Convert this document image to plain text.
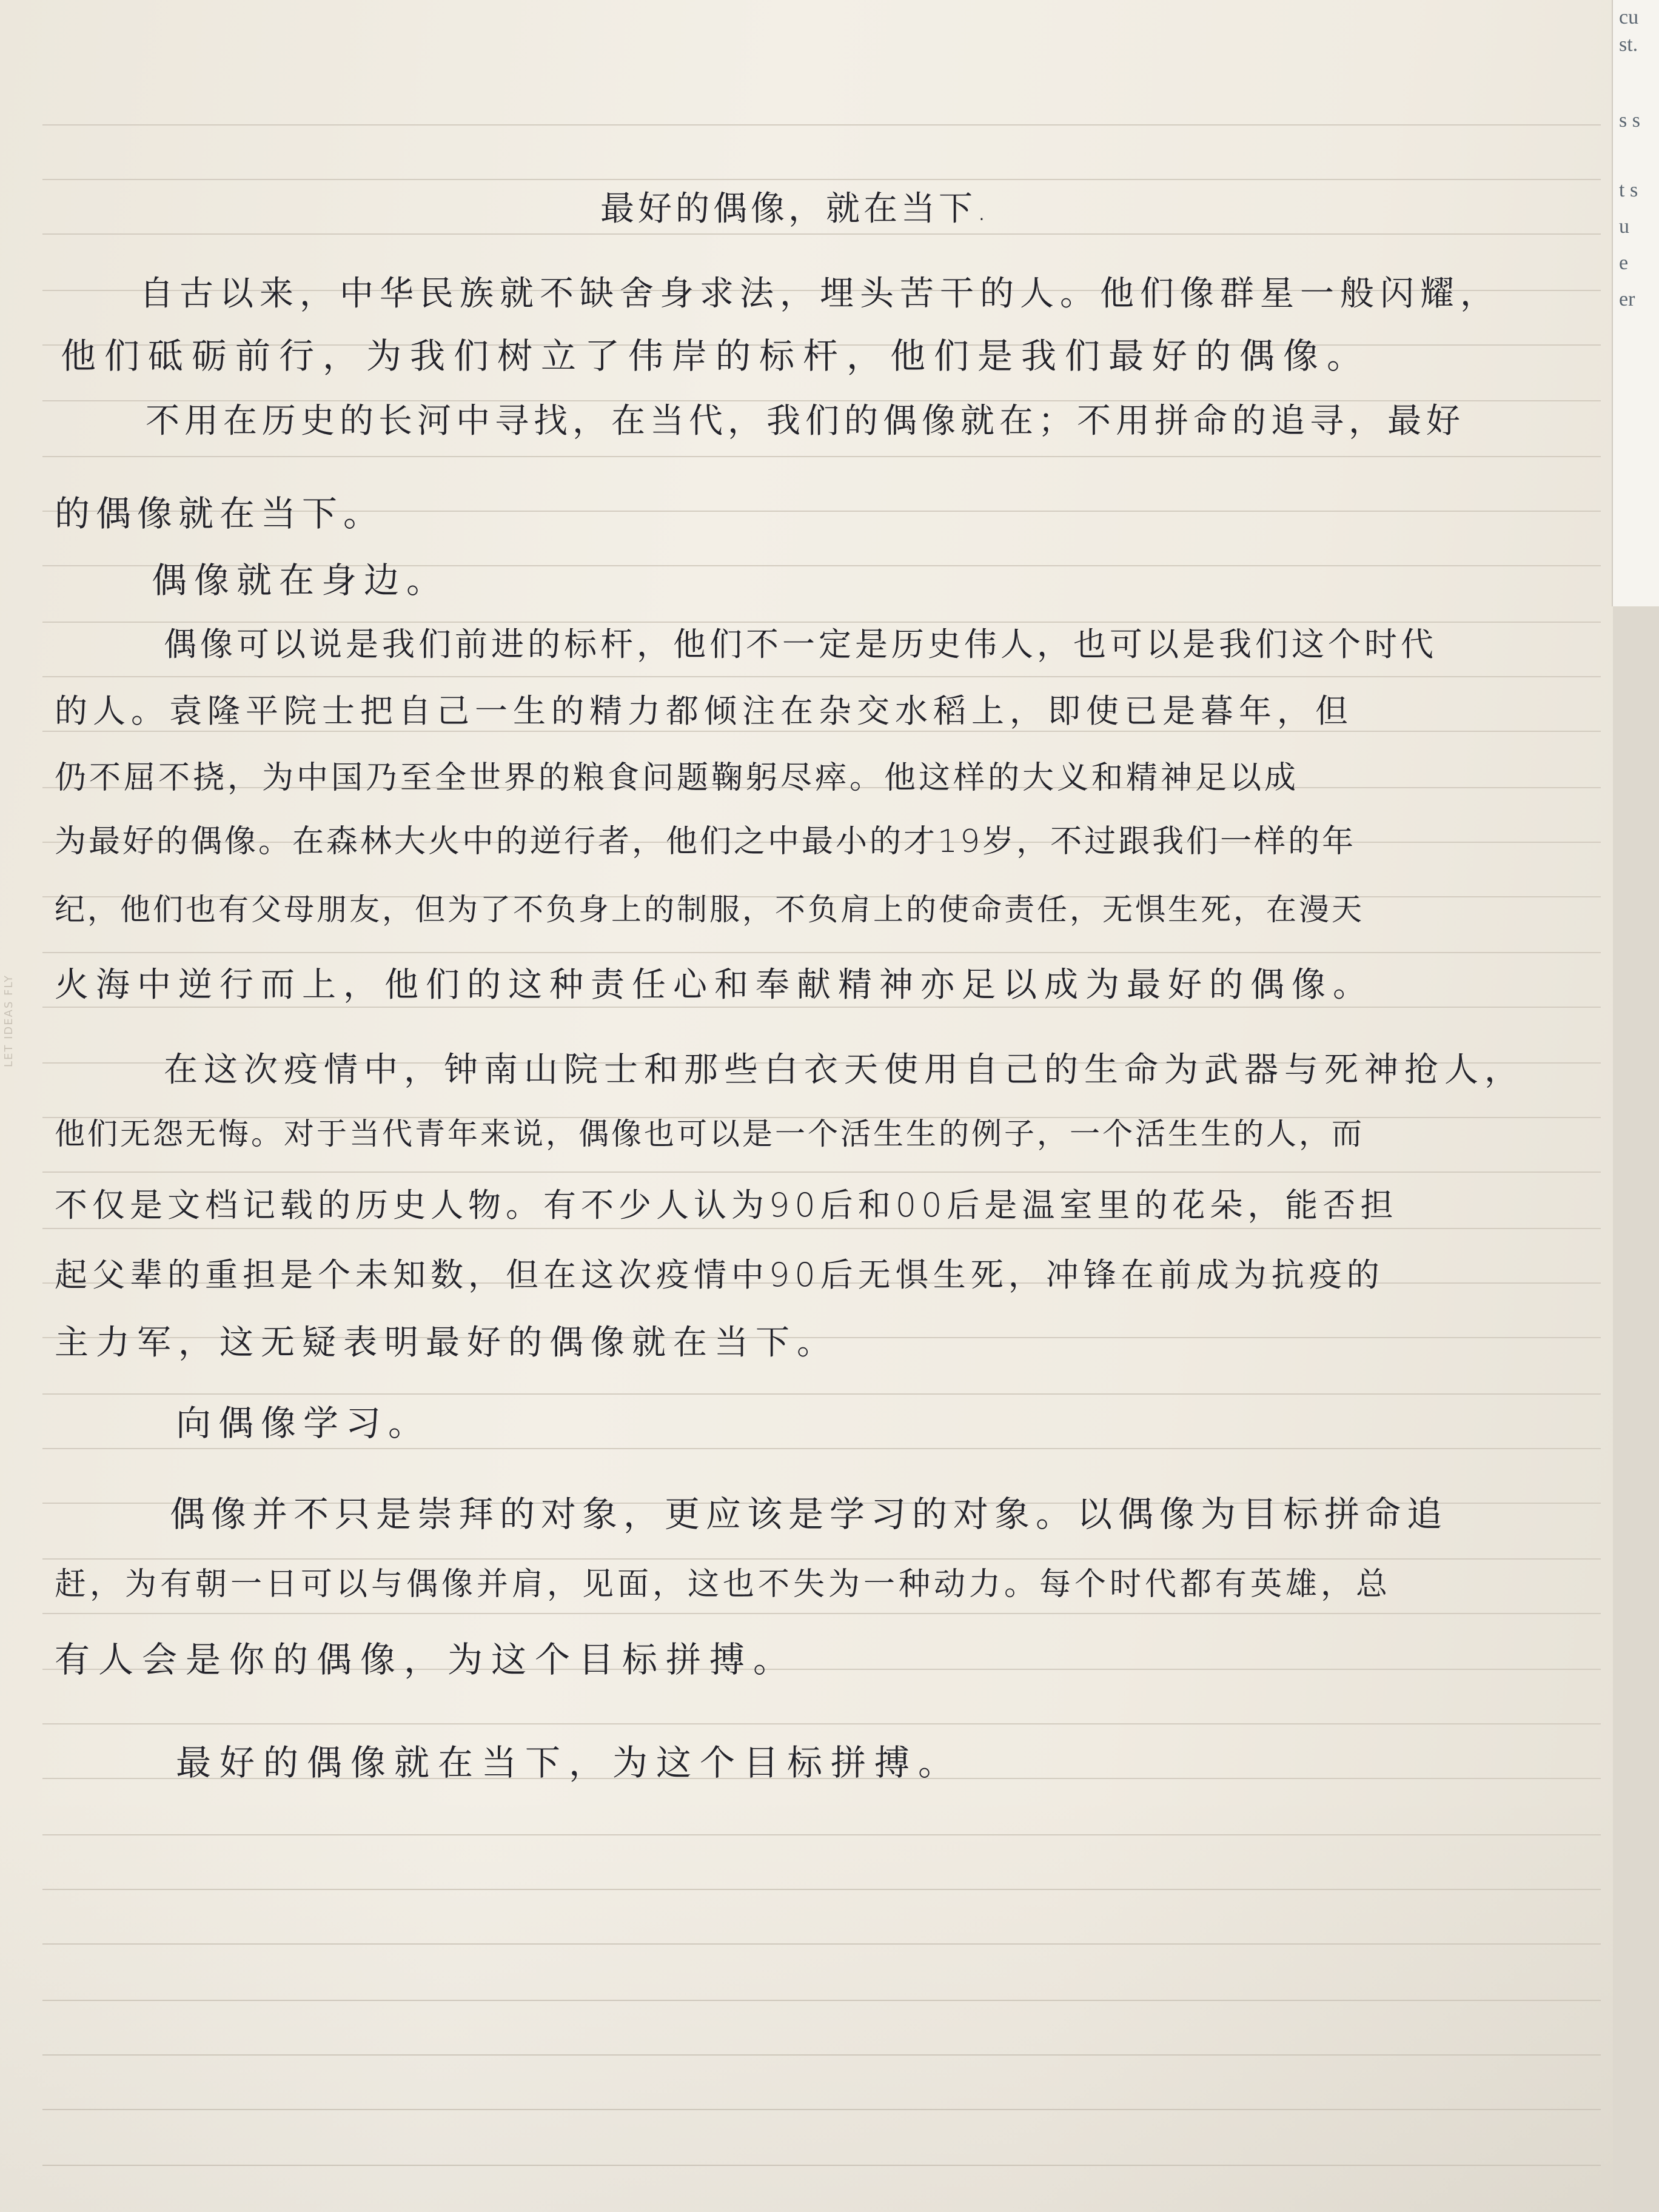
LET IDEAS FLY
最好的偶像，就在当下.
自古以来，中华民族就不缺舍身求法，埋头苦干的人。他们像群星一般闪耀，
他们砥砺前行，为我们树立了伟岸的标杆，他们是我们最好的偶像。
不用在历史的长河中寻找，在当代，我们的偶像就在；不用拼命的追寻，最好
的偶像就在当下。
偶像就在身边。
偶像可以说是我们前进的标杆，他们不一定是历史伟人，也可以是我们这个时代
的人。袁隆平院士把自己一生的精力都倾注在杂交水稻上，即使已是暮年，但
仍不屈不挠，为中国乃至全世界的粮食问题鞠躬尽瘁。他这样的大义和精神足以成
为最好的偶像。在森林大火中的逆行者，他们之中最小的才19岁，不过跟我们一样的年
纪，他们也有父母朋友，但为了不负身上的制服，不负肩上的使命责任，无惧生死，在漫天
火海中逆行而上，他们的这种责任心和奉献精神亦足以成为最好的偶像。
在这次疫情中，钟南山院士和那些白衣天使用自己的生命为武器与死神抢人，
他们无怨无悔。对于当代青年来说，偶像也可以是一个活生生的例子，一个活生生的人，而
不仅是文档记载的历史人物。有不少人认为90后和00后是温室里的花朵，能否担
起父辈的重担是个未知数，但在这次疫情中90后无惧生死，冲锋在前成为抗疫的
主力军，这无疑表明最好的偶像就在当下。
向偶像学习。
偶像并不只是崇拜的对象，更应该是学习的对象。以偶像为目标拼命追
赶，为有朝一日可以与偶像并肩，见面，这也不失为一种动力。每个时代都有英雄，总
有人会是你的偶像，为这个目标拼搏。
最好的偶像就在当下，为这个目标拼搏。
cu
st.
s s
t s
u
e
er
